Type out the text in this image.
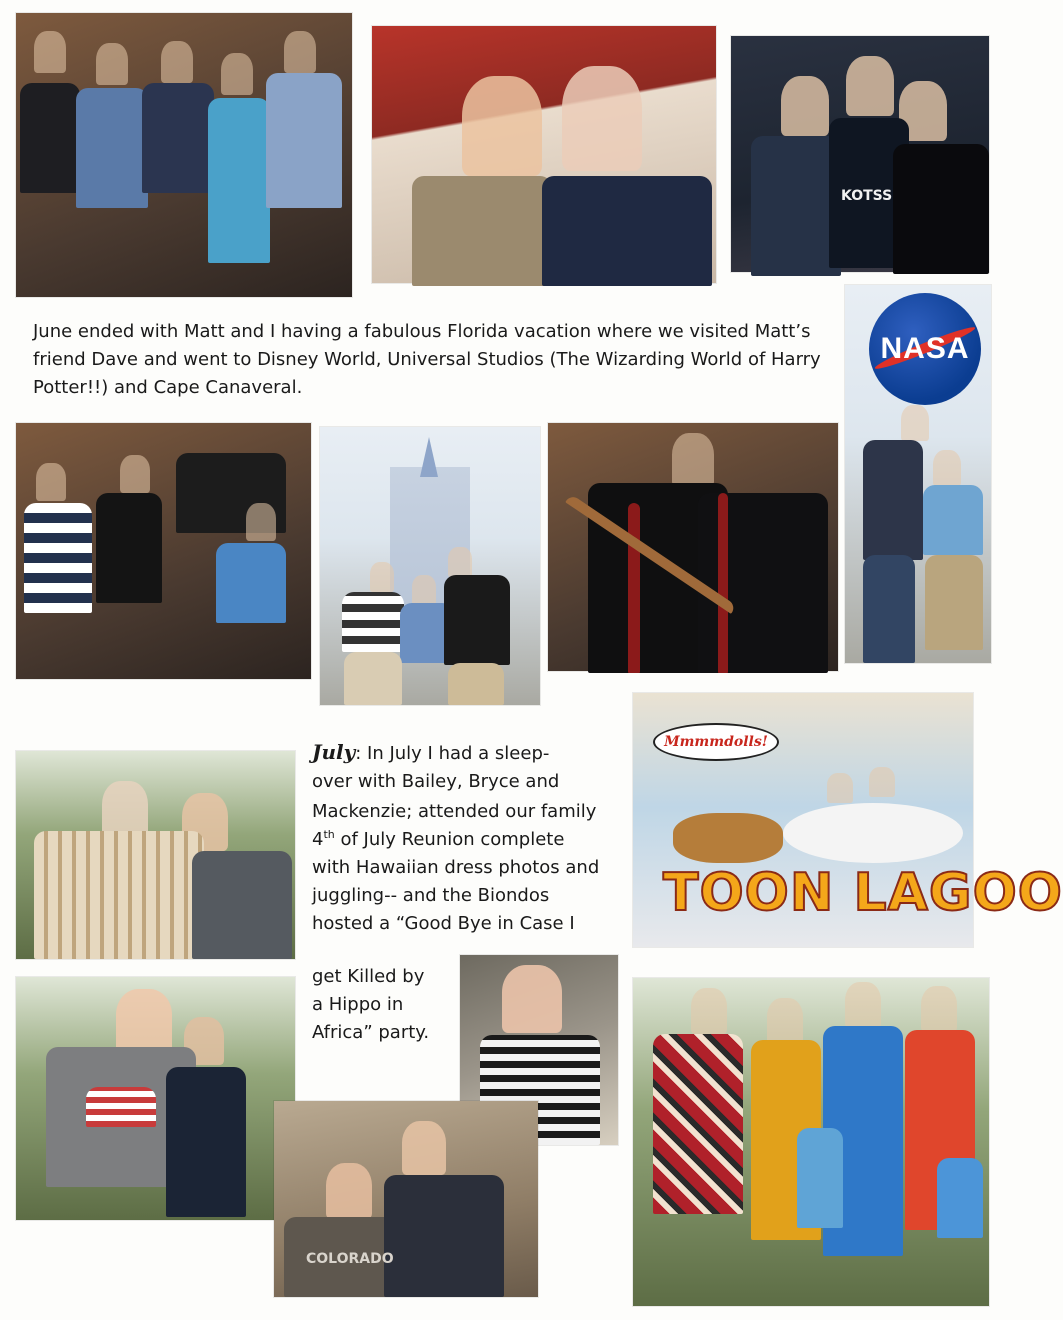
KOTSS
NASA

June ended with Matt and I having a fabulous Florida vacation where we visited Matt’s friend Dave and went to Disney World, Universal Studios (The Wizarding World of Harry Potter!!) and Cape Canaveral.

Mmmmdolls!
TOON LAGOO
July: In July I had a sleep-
over with Bailey, Bryce and
Mackenzie; attended our family
4th of July Reunion complete
with Hawaiian dress photos and
juggling-- and the Biondos
hosted a “Good Bye in Case I
get Killed by
a Hippo in
Africa” party.
COLORADO
